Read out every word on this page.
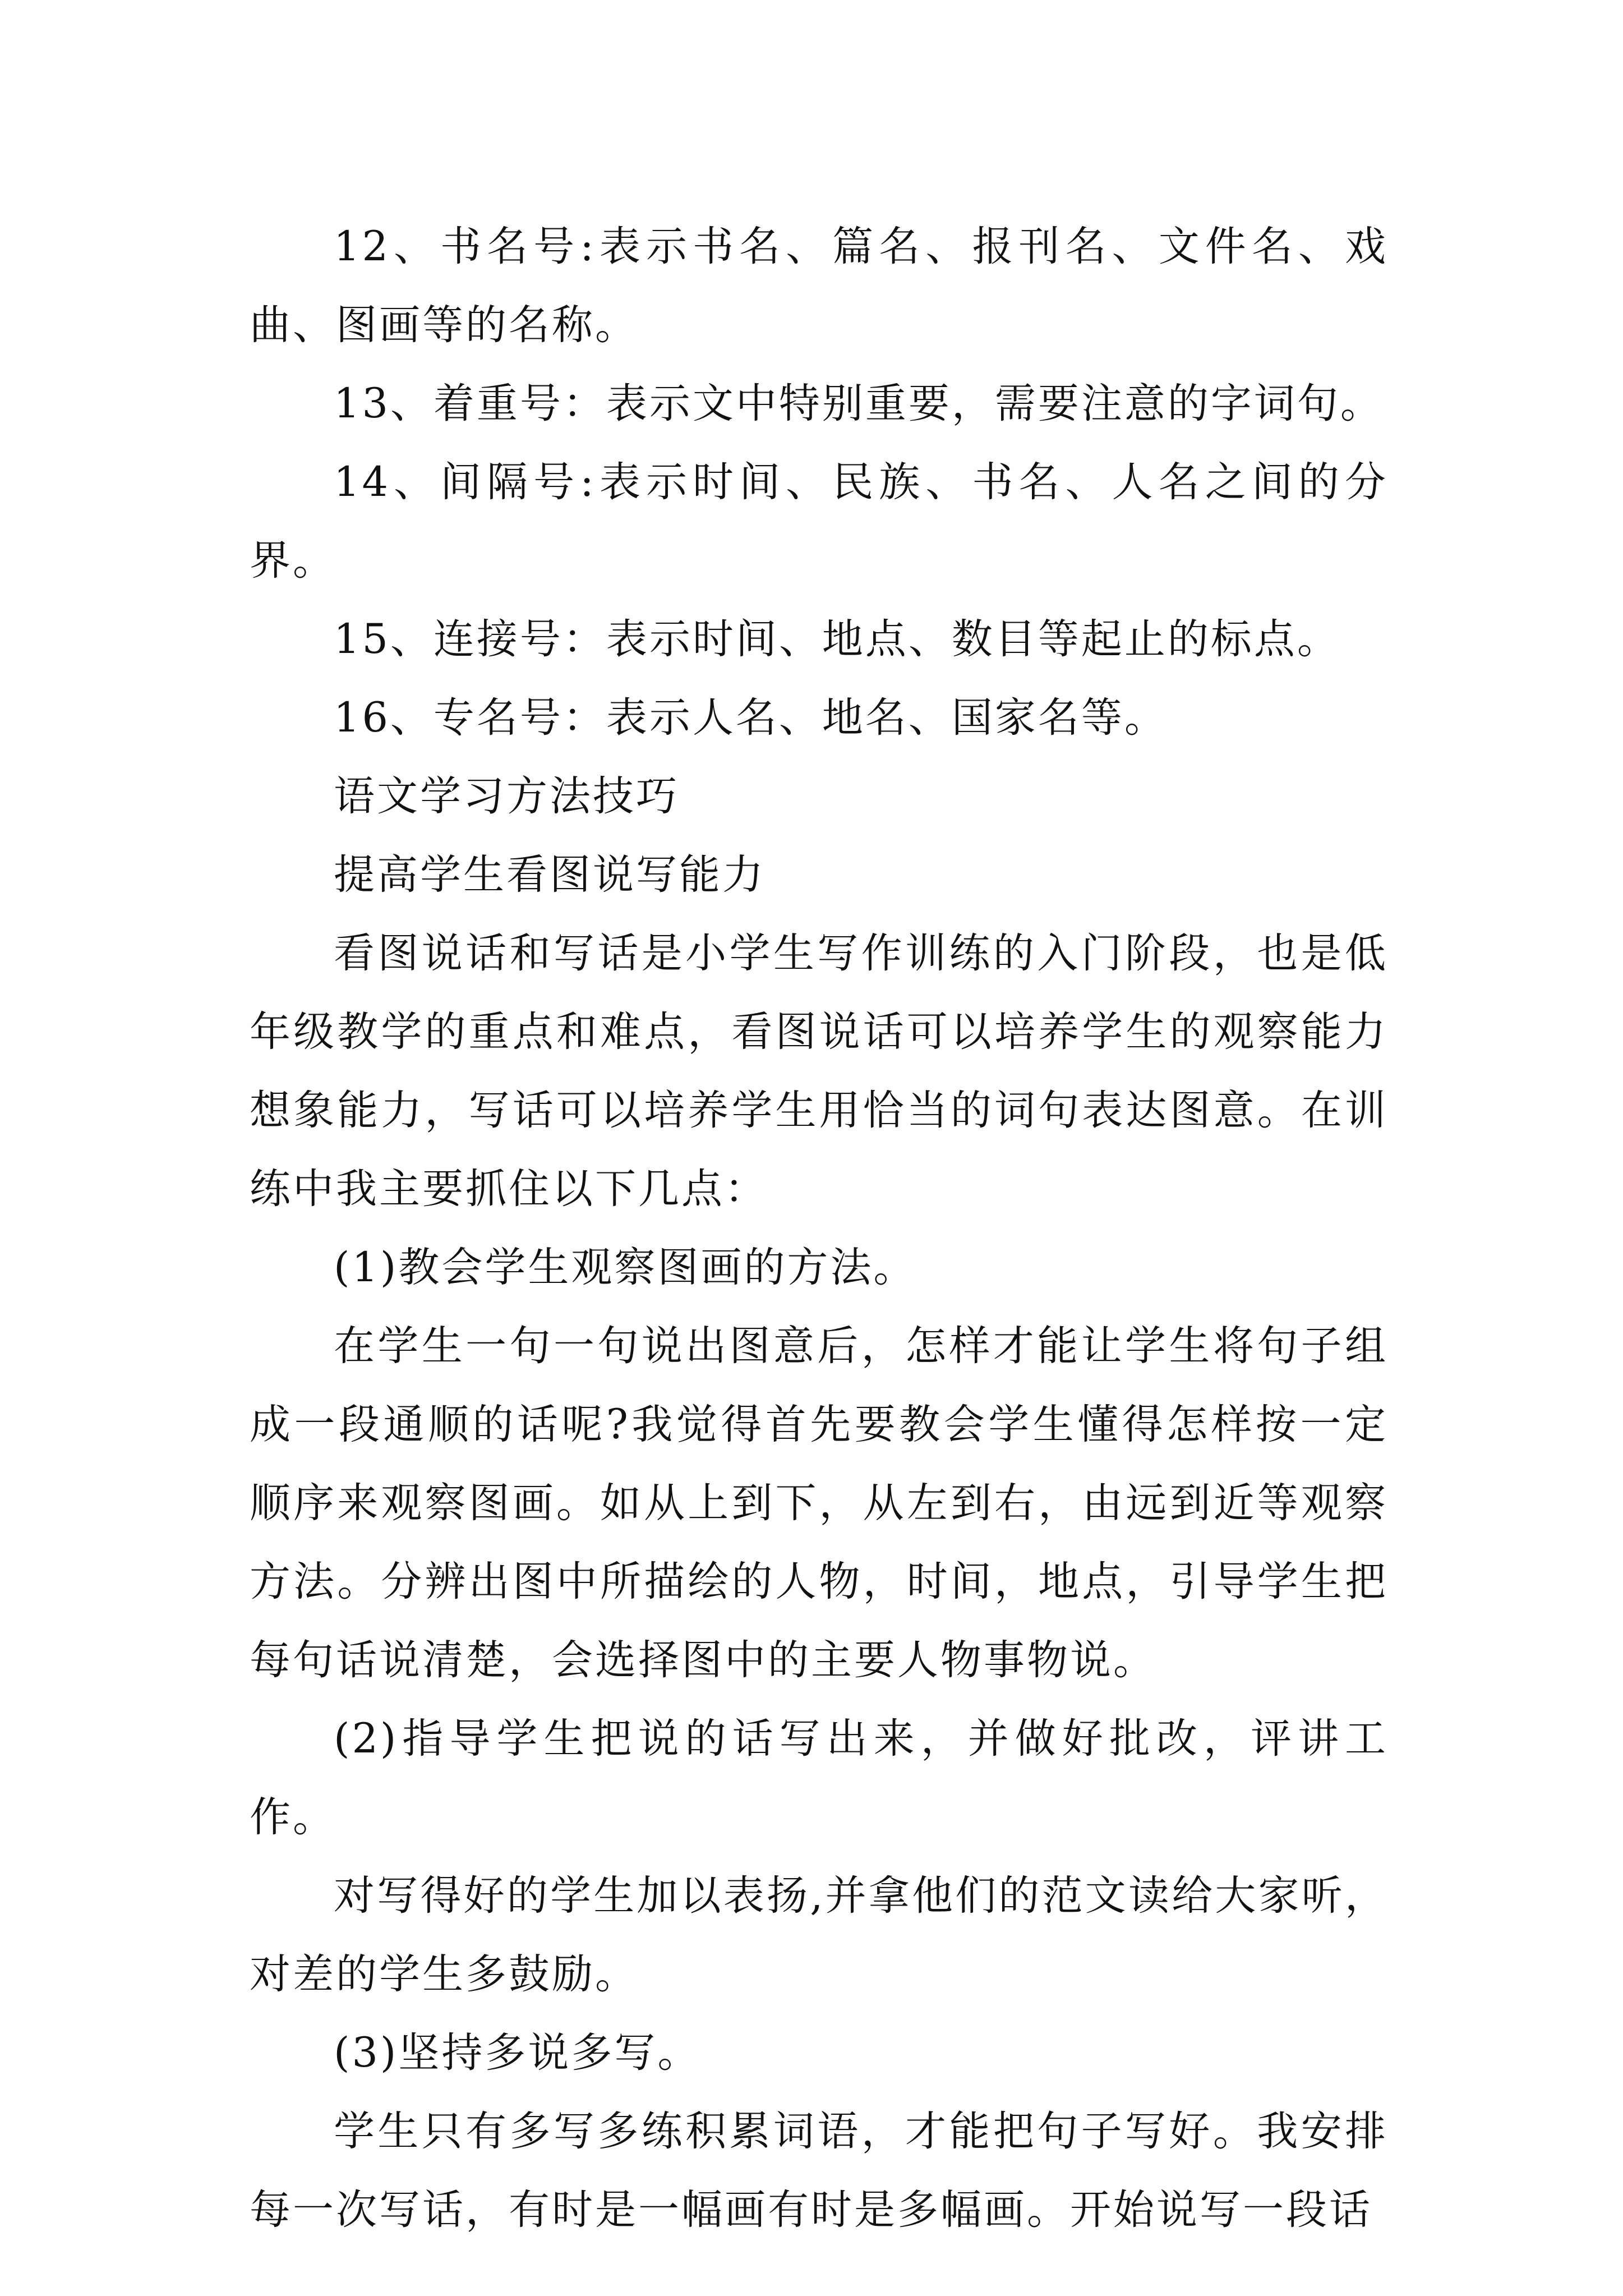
12、书名号:表示书名、篇名、报刊名、文件名、戏曲、图画等的名称。

13、着重号：表示文中特别重要，需要注意的字词句。

14、间隔号:表示时间、民族、书名、人名之间的分界。

15、连接号：表示时间、地点、数目等起止的标点。

16、专名号：表示人名、地名、国家名等。

语文学习方法技巧

提高学生看图说写能力

看图说话和写话是小学生写作训练的入门阶段，也是低年级教学的重点和难点，看图说话可以培养学生的观察能力想象能力，写话可以培养学生用恰当的词句表达图意。在训练中我主要抓住以下几点：

(1)教会学生观察图画的方法。

在学生一句一句说出图意后，怎样才能让学生将句子组成一段通顺的话呢?我觉得首先要教会学生懂得怎样按一定顺序来观察图画。如从上到下，从左到右，由远到近等观察方法。分辨出图中所描绘的人物，时间，地点，引导学生把每句话说清楚，会选择图中的主要人物事物说。

(2)指导学生把说的话写出来，并做好批改，评讲工作。

对写得好的学生加以表扬,并拿他们的范文读给大家听，对差的学生多鼓励。

(3)坚持多说多写。

学生只有多写多练积累词语，才能把句子写好。我安排每一次写话，有时是一幅画有时是多幅画。开始说写一段话
